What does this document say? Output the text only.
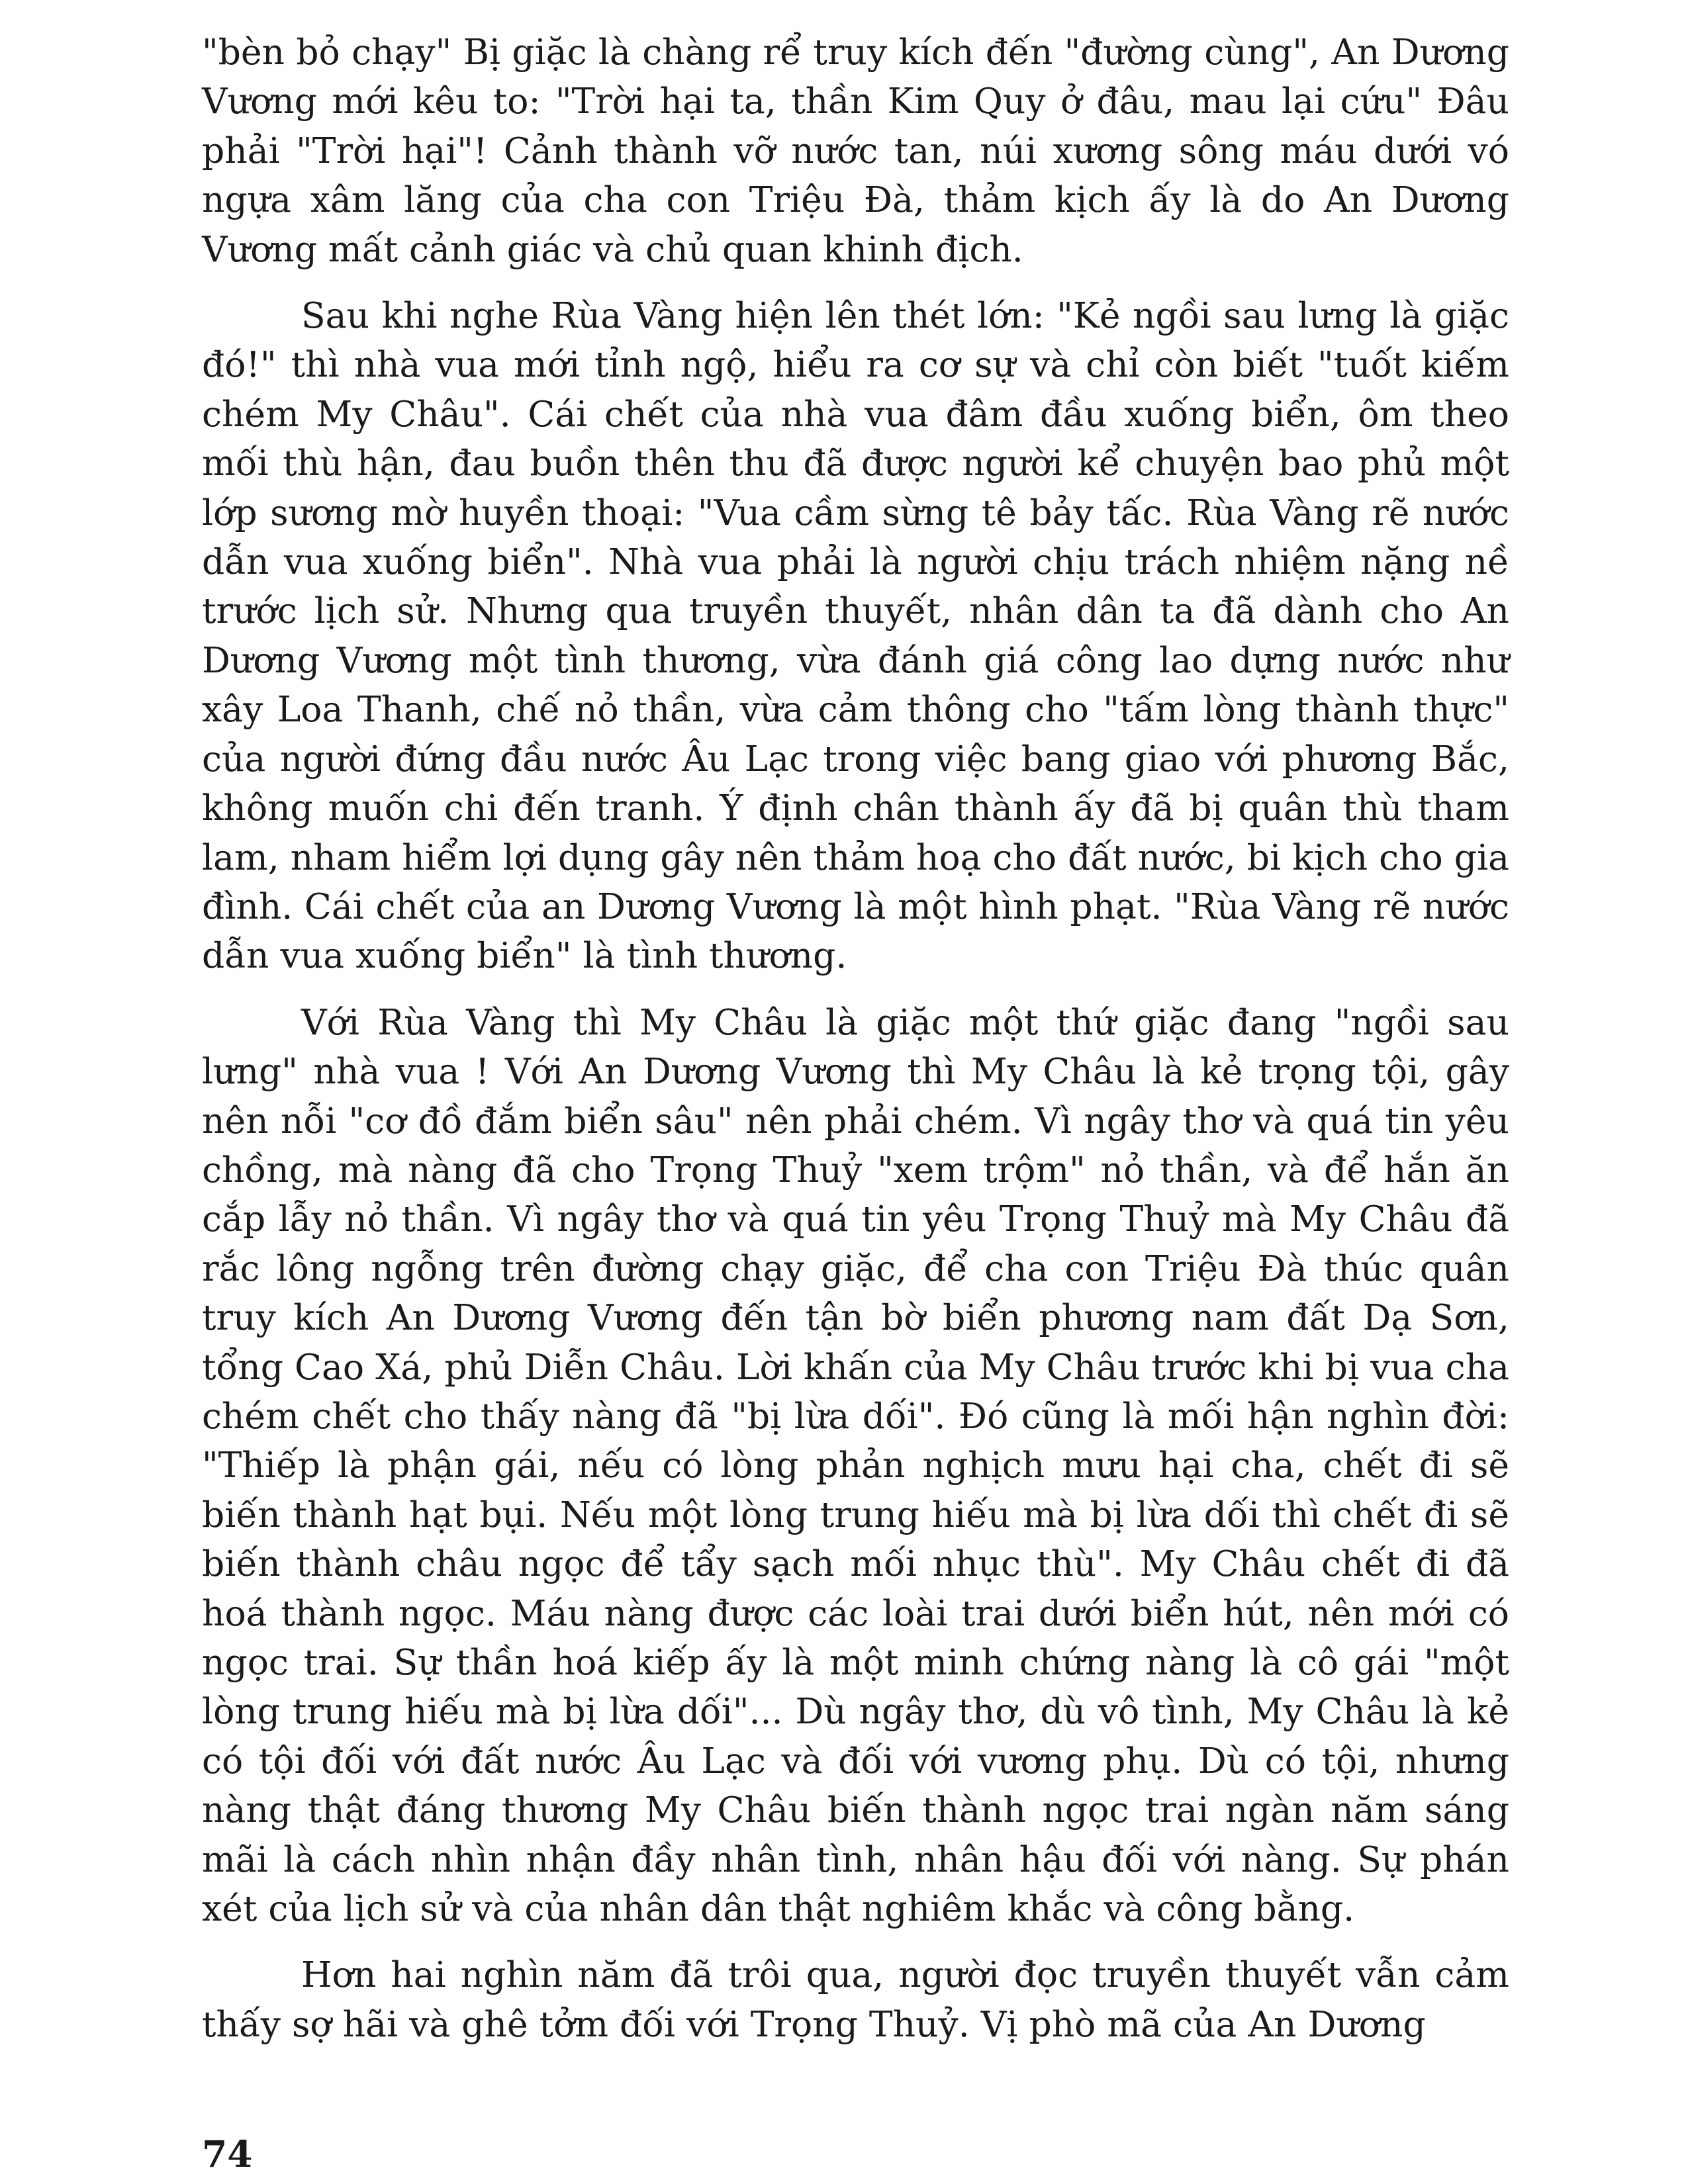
"bèn bỏ chạy" Bị giặc là chàng rể truy kích đến "đường cùng", An Dương Vương mới kêu to: "Trời hại ta, thần Kim Quy ở đâu, mau lại cứu" Đâu phải "Trời hại"! Cảnh thành vỡ nước tan, núi xương sông máu dưới vó ngựa xâm lăng của cha con Triệu Đà, thảm kịch ấy là do An Dương Vương mất cảnh giác và chủ quan khinh địch.

Sau khi nghe Rùa Vàng hiện lên thét lớn: "Kẻ ngồi sau lưng là giặc đó!" thì nhà vua mới tỉnh ngộ, hiểu ra cơ sự và chỉ còn biết "tuốt kiếm chém My Châu". Cái chết của nhà vua đâm đầu xuống biển, ôm theo mối thù hận, đau buồn thên thu đã được người kể chuyện bao phủ một lớp sương mờ huyền thoại: "Vua cầm sừng tê bảy tấc. Rùa Vàng rẽ nước dẫn vua xuống biển". Nhà vua phải là người chịu trách nhiệm nặng nề trước lịch sử. Nhưng qua truyền thuyết, nhân dân ta đã dành cho An Dương Vương một tình thương, vừa đánh giá công lao dựng nước như xây Loa Thanh, chế nỏ thần, vừa cảm thông cho "tấm lòng thành thực" của người đứng đầu nước Âu Lạc trong việc bang giao với phương Bắc, không muốn chi đến tranh. Ý định chân thành ấy đã bị quân thù tham lam, nham hiểm lợi dụng gây nên thảm hoạ cho đất nước, bi kịch cho gia đình. Cái chết của an Dương Vương là một hình phạt. "Rùa Vàng rẽ nước dẫn vua xuống biển" là tình thương.

Với Rùa Vàng thì My Châu là giặc một thứ giặc đang "ngồi sau lưng" nhà vua ! Với An Dương Vương thì My Châu là kẻ trọng tội, gây nên nỗi "cơ đồ đắm biển sâu" nên phải chém. Vì ngây thơ và quá tin yêu chồng, mà nàng đã cho Trọng Thuỷ "xem trộm" nỏ thần, và để hắn ăn cắp lẫy nỏ thần. Vì ngây thơ và quá tin yêu Trọng Thuỷ mà My Châu đã rắc lông ngỗng trên đường chạy giặc, để cha con Triệu Đà thúc quân truy kích An Dương Vương đến tận bờ biển phương nam đất Dạ Sơn, tổng Cao Xá, phủ Diễn Châu. Lời khấn của My Châu trước khi bị vua cha chém chết cho thấy nàng đã "bị lừa dối". Đó cũng là mối hận nghìn đời: "Thiếp là phận gái, nếu có lòng phản nghịch mưu hại cha, chết đi sẽ biến thành hạt bụi. Nếu một lòng trung hiếu mà bị lừa dối thì chết đi sẽ biến thành châu ngọc để tẩy sạch mối nhục thù". My Châu chết đi đã hoá thành ngọc. Máu nàng được các loài trai dưới biển hút, nên mới có ngọc trai. Sự thần hoá kiếp ấy là một minh chứng nàng là cô gái "một lòng trung hiếu mà bị lừa dối"... Dù ngây thơ, dù vô tình, My Châu là kẻ có tội đối với đất nước Âu Lạc và đối với vương phụ. Dù có tội, nhưng nàng thật đáng thương My Châu biến thành ngọc trai ngàn năm sáng mãi là cách nhìn nhận đầy nhân tình, nhân hậu đối với nàng. Sự phán xét của lịch sử và của nhân dân thật nghiêm khắc và công bằng.

Hơn hai nghìn năm đã trôi qua, người đọc truyền thuyết vẫn cảm thấy sợ hãi và ghê tởm đối với Trọng Thuỷ. Vị phò mã của An Dương

74
